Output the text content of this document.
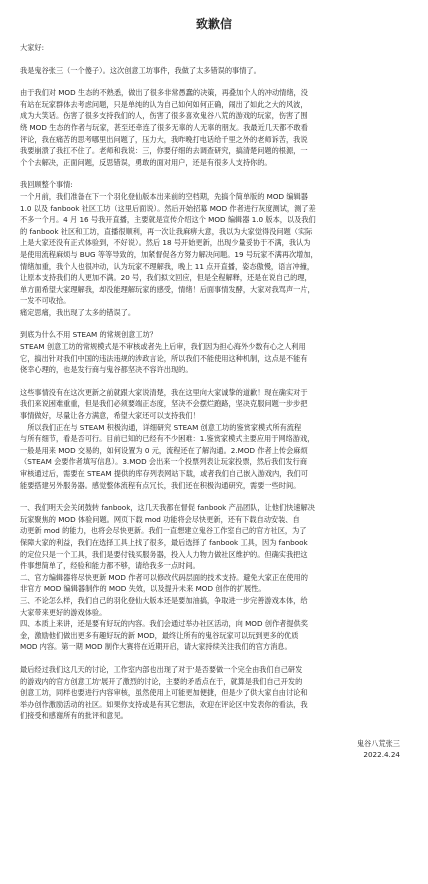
致歉信
大家好:
我是鬼谷张三（一个傻子）。这次创意工坊事件，我做了太多错误的事情了。
由于我们对 MOD 生态的不熟悉，做出了很多非常愚蠢的决策，再叠加个人的冲动情绪，没
有站在玩家群体去考虑问题，只是单纯的认为自己如何如何正确，闹出了如此之大的风波，
成为大笑话。伤害了很多支持我们的人，伤害了很多喜欢鬼谷八荒的游戏的玩家，伤害了围
绕 MOD 生态的作者与玩家，甚至还牵连了很多无辜的人无辜的朋友。我最近几天都不敢看
评论，我在痛苦的思考哪里出问题了，压力大，我昨晚打电话给千里之外的老师诉苦，我说
我要崩溃了我扛不住了。老师和我说：三，你要仔细的去调查研究，搞清楚问题的根源，一
个个去解决，正面问题，反思错误，勇敢的面对用户，还是有很多人支持你的。
我回顾整个事情:
一个月前，我们准备在下一个羽化登仙版本出来前的空档期，先搞个简单版的 MOD 编辑器
1.0 以及 fanbook 社区工坊（这里后面说）。然后开始招募 MOD 作者进行灰度测试，测了差
不多一个月。4 月 16 号我开直播，主要就是宣传介绍这个 MOD 编辑器 1.0 版本，以及我们
的 fanbook 社区和工坊，直播很顺利，再一次让我麻痹大意，我以为大家觉得没问题（实际
上是大家还没有正式体验到，不好说）。然后 18 号开始更新，出现少量妥协于不满，我认为
是使用流程麻烦与 BUG 等等导致的，加紧督促各方努力解决问题。19 号玩家不满再次增加，
情绪加重，我个人也很冲动，认为玩家不理解我，晚上 11 点开直播，姿态傲慢，语言冲撞，
让原本支持我们的人更加不满。20 号，我们拟文回应，但是全程解释，还是在说自己的理，
单方面希望大家理解我，却没能理解玩家的感受，情绪！后面事情发酵，大家对我骂声一片，
一发不可收拾。
痛定思痛，我出现了太多的错误了。
到底为什么不用 STEAM 的常规创意工坊？
STEAM 创意工坊的常规模式是不审核或者先上后审，我们因为担心海外少数有心之人利用
它，搞出针对我们中国的违法违规的涉政言论，所以我们不能使用这种机制，这点是不能有
侥幸心理的，也是发行商与鬼谷都坚决不容许出现的。
这些事情没有在这次更新之前就跟大家说清楚，我在这里向大家诚挚的道歉！现在确实对于
我们来说困难重重，但是我们必须要端正态度，坚决不会摆烂跑路，坚决克服问题一步步把
事情做好，尽量让各方满意，希望大家还可以支持我们！
　所以我们正在与 STEAM 积极沟通，详细研究 STEAM 创意工坊的鉴赏家模式所有流程
与所有细节，看是否可行。目前已知的已经有不少困难：1.鉴赏家模式主要应用于网络游戏，
一般是用来 MOD 交易的，如何设置为 0 元，流程还在了解沟通。2.MOD 作者上传会麻烦
（STEAM 会要作者填写信息）。3.MOD 会出来一个投票列表让玩家投票，然后我们发行商
审核通过后，需要在 STEAM 提供的库存列表网站下载，或者我们自己嵌入游戏内，我们可
能要搭建另外服务器。感觉整体流程有点冗长，我们还在积极沟通研究，需要一些时间。
一、我们明天会关闭鼓转 fanbook，这几天我都在督促 fanbook 产品团队，让他们快速解决
玩家聚焦的 MOD 体验问题。网页下载 mod 功能将会尽快更新，还有下载自动安装、自
动更新 mod 的能力，也将会尽快更新。我们一直想建立鬼谷工作室自己的官方社区，为了
保障大家的利益，我们在选择工具上找了很多，最后选择了 fanbook 工具，因为 fanbook
的定位只是一个工具，我们是要付钱买服务器，投入人力物力做社区维护的。但确实我把这
件事想简单了，经验和能力都不够，请给我多一点时间。
二、官方编辑器将尽快更新 MOD 作者可以修改代码层面的技术支持。避免大家正在使用的
非官方 MOD 编辑器制作的 MOD 失效，以及提升未来 MOD 创作的扩展性。
三、不论怎么样，我们自己的羽化登仙大版本还是要加油搞，争取进一步完善游戏本体，给
大家带来更好的游戏体验。
四、本质上来讲，还是要有好玩的内容。我们会通过举办社区活动，向 MOD 创作者提供奖
金，激励他们做出更多有趣好玩的新 MOD，最终让所有的鬼谷玩家可以玩到更多的优质
MOD 内容。第一期 MOD 制作大赛将在近期开启，请大家持续关注我们的官方消息。
最后经过我们这几天的讨论，工作室内部也出现了对于'是否要做一个完全由我们自己研发
的游戏内的官方创意工坊'展开了激烈的讨论，主要的矛盾点在于，就算是我们自己开发的
创意工坊，同样也要进行内容审核，虽然使用上可能更加便捷，但是少了供大家自由讨论和
举办创作激励活动的社区。如果你支持或是有其它想法，欢迎在评论区中发表你的看法，我
们接受和感谢所有的批评和意见。
鬼谷八荒张三
2022.4.24
